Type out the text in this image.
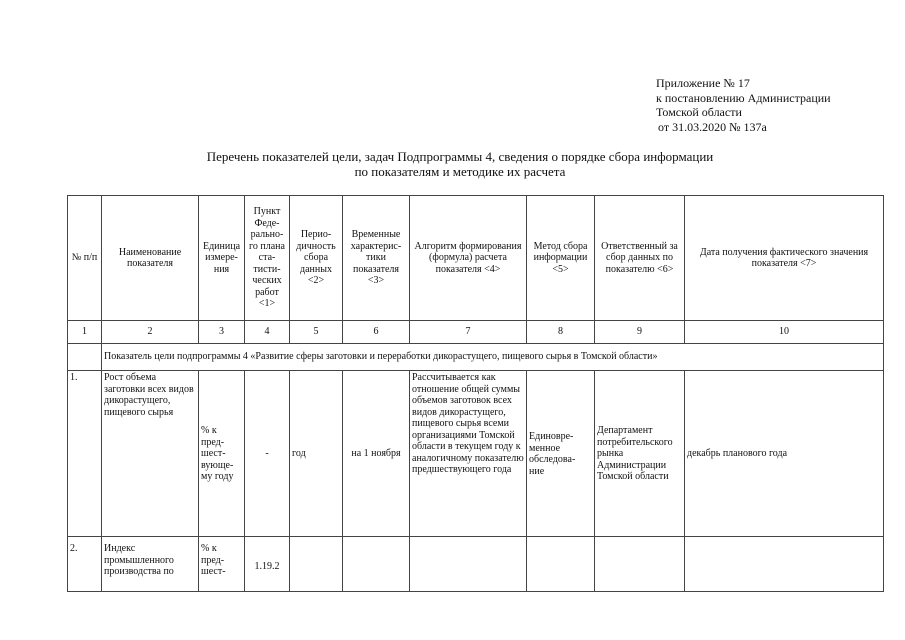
Приложение № 17
к постановлению Администрации
Томской области
от 31.03.2020 № 137а
Перечень показателей цели, задач Подпрограммы 4, сведения о порядке сбора информации
по показателям и методике их расчета
№ п/п	Наименование показателя	Единица измере- ния	Пункт Феде- рально- го плана ста- тисти- ческих работ <1>	Перио- дичность сбора данных <2>	Временные характерис- тики показателя <3>	Алгоритм формирования (формула) расчета показателя <4>	Метод сбора информации <5>	Ответственный за сбор данных по показателю <6>	Дата получения фактического значения показателя <7>
1	2	3	4	5	6	7	8	9	10
	Показатель цели подпрограммы 4 «Развитие сферы заготовки и переработки дикорастущего, пищевого сырья в Томской области»								
1.	Рост объема заготовки всех видов дикорастущего, пищевого сырья	% к пред- шест- вующе- му году	-	год	на 1 ноября	Рассчитывается как отношение общей суммы объемов заготовок всех видов дикорастущего, пищевого сырья всеми организациями Томской области в текущем году к аналогичному показателю предшествующего года	Единовре- менное обследова- ние	Департамент потребительского рынка Администрации Томской области	декабрь планового года
2.	Индекс промышленного производства по	% к пред- шест-	1.19.2						
